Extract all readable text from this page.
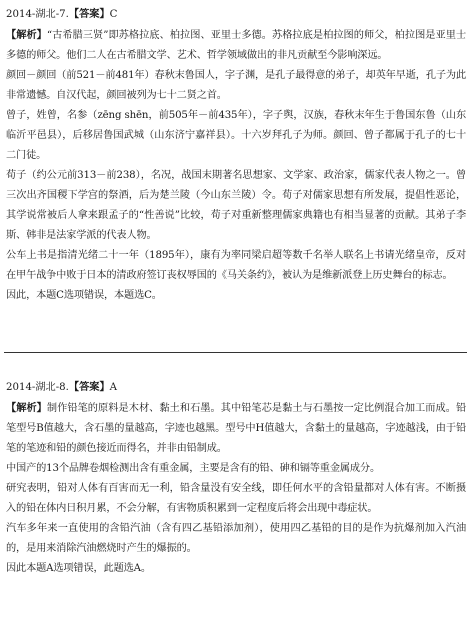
2014-湖北-7.【答案】C
【解析】“古希腊三贤”即苏格拉底、柏拉图、亚里士多德。苏格拉底是柏拉图的师父，柏拉图是亚里士多德的师父。他们二人在古希腊文学、艺术、哲学领域做出的非凡贡献至今影响深远。
颜回－颜回（前521－前481年）春秋末鲁国人，字子渊，是孔子最得意的弟子，却英年早逝，孔子为此非常遗憾。自汉代起，颜回被列为七十二贤之首。
曾子，姓曾，名参（zēng shēn，前505年－前435年），字子舆，汉族，春秋末年生于鲁国东鲁（山东临沂平邑县），后移居鲁国武城（山东济宁嘉祥县）。十六岁拜孔子为师。颜回、曾子都属于孔子的七十二门徒。
荀子（约公元前313－前238），名况，战国末期著名思想家、文学家、政治家，儒家代表人物之一。曾三次出齐国稷下学宫的祭酒，后为楚兰陵（今山东兰陵）令。荀子对儒家思想有所发展，提倡性恶论，其学说常被后人拿来跟孟子的“性善说”比较，荀子对重新整理儒家典籍也有相当显著的贡献。其弟子李斯、韩非是法家学派的代表人物。
公车上书是指清光绪二十一年（1895年），康有为率同梁启超等数千名举人联名上书请光绪皇帝，反对在甲午战争中败于日本的清政府签订丧权辱国的《马关条约》，被认为是维新派登上历史舞台的标志。
因此，本题C选项错误，本题选C。
2014-湖北-8.【答案】A
【解析】制作铅笔的原料是木材、黏土和石墨。其中铅笔芯是黏土与石墨按一定比例混合加工而成。铅笔型号B值越大，含石墨的量越高，字迹也越黑。型号中H值越大，含黏土的量越高，字迹越浅，由于铅笔的笔迹和铅的颜色接近而得名，并非由铅制成。
中国产的13个品牌卷烟检测出含有重金属，主要是含有的铅、砷和镉等重金属成分。
研究表明，铅对人体有百害而无一利，铅含量没有安全线，即任何水平的含铅量都对人体有害。不断摄入的铅在体内日积月累，不会分解，有害物质积累到一定程度后将会出现中毒症状。
汽车多年来一直使用的含铅汽油（含有四乙基铅添加剂），使用四乙基铅的目的是作为抗爆剂加入汽油的，是用来消除汽油燃烧时产生的爆振的。
因此本题A选项错误，此题选A。
